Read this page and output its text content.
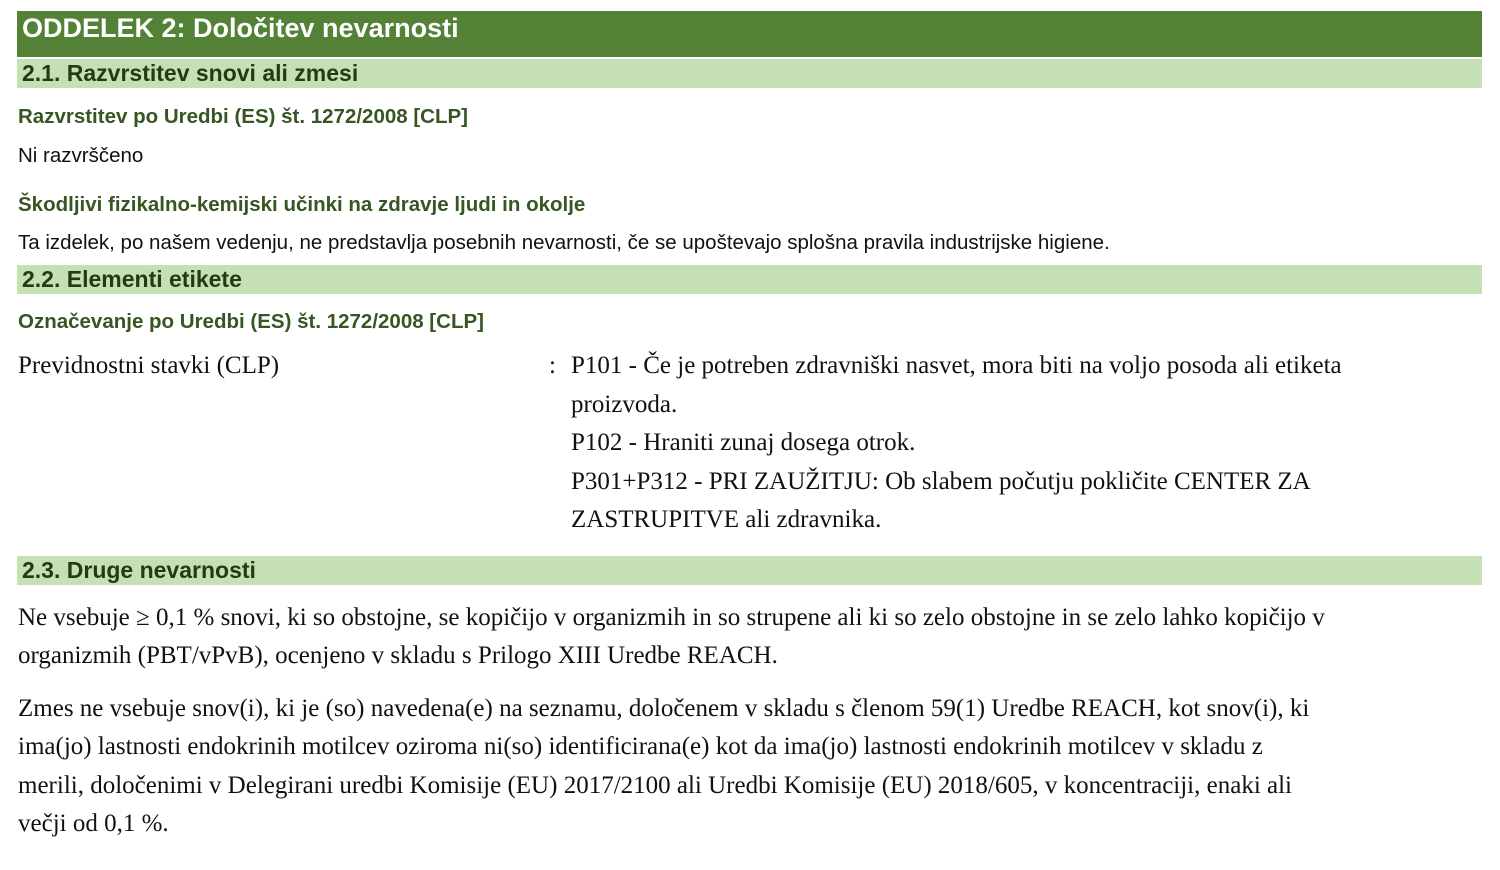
ODDELEK 2: Določitev nevarnosti
2.1. Razvrstitev snovi ali zmesi
Razvrstitev po Uredbi (ES) št. 1272/2008 [CLP]
Ni razvrščeno
Škodljivi fizikalno-kemijski učinki na zdravje ljudi in okolje
Ta izdelek, po našem vedenju, ne predstavlja posebnih nevarnosti, če se upoštevajo splošna pravila industrijske higiene.
2.2. Elementi etikete
Označevanje po Uredbi (ES) št. 1272/2008 [CLP]
Previdnostni stavki (CLP)	: P101 - Če je potreben zdravniški nasvet, mora biti na voljo posoda ali etiketa
proizvoda.
P102 - Hraniti zunaj dosega otrok.
P301+P312 - PRI ZAUŽITJU: Ob slabem počutju pokličite CENTER ZA
ZASTRUPITVE ali zdravnika.
2.3. Druge nevarnosti
Ne vsebuje ≥ 0,1 % snovi, ki so obstojne, se kopičijo v organizmih in so strupene ali ki so zelo obstojne in se zelo lahko kopičijo v
organizmih (PBT/vPvB), ocenjeno v skladu s Prilogo XIII Uredbe REACH.
Zmes ne vsebuje snov(i), ki je (so) navedena(e) na seznamu, določenem v skladu s členom 59(1) Uredbe REACH, kot snov(i), ki
ima(jo) lastnosti endokrinih motilcev oziroma ni(so) identificirana(e) kot da ima(jo) lastnosti endokrinih motilcev v skladu z
merili, določenimi v Delegirani uredbi Komisije (EU) 2017/2100 ali Uredbi Komisije (EU) 2018/605, v koncentraciji, enaki ali
večji od 0,1 %.
